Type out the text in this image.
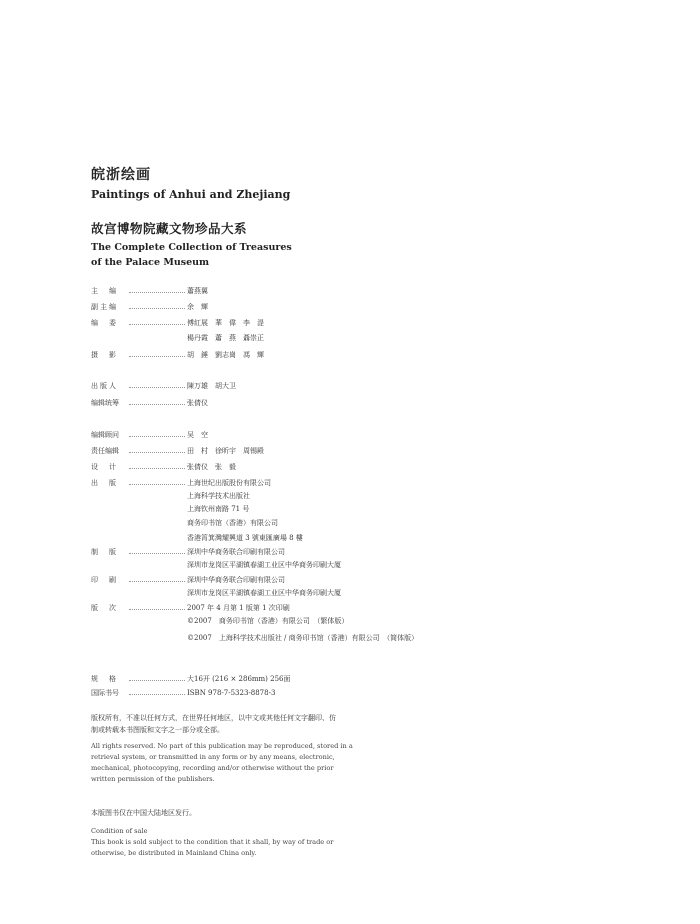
皖浙绘画
Paintings of Anhui and Zhejiang
故宫博物院藏文物珍品大系
The Complete Collection of Treasures
of the Palace Museum
主　编	蕭燕翼
副主编	余　輝
编　委	傅紅展　華　偉　李　湜
楊丹霞　蕭　燕　聶崇正
摄　影	胡　錘　劉志崗　馮　輝
出版人	陳万雄　胡大卫
编辑统筹	张倩仪
编辑顾问	吴　空
责任编辑	田　村　徐昕宇　周锡殿
设　计	张倩仪　张　毅
出　版	上海世纪出版股份有限公司
上海科学技术出版社
上海钦州南路 71 号
商务印书馆（香港）有限公司
香港筲箕灣耀興道 3 號東匯廣場 8 樓
制　版	深圳中华商务联合印刷有限公司
深圳市龙岗区平湖镇春湖工业区中华商务印刷大厦
印　刷	深圳中华商务联合印刷有限公司
深圳市龙岗区平湖镇春湖工业区中华商务印刷大厦
版　次	2007 年 4 月第 1 版第 1 次印刷
©2007　商务印书馆（香港）有限公司　（繁体版）
©2007　上海科学技术出版社 / 商务印书馆（香港）有限公司　（简体版）
规　格	大16开 (216 × 286mm) 256面
国际书号	ISBN 978-7-5323-8878-3
版权所有，不准以任何方式，在世界任何地区，以中文或其他任何文字翻印、仿
制或转载本书图版和文字之一部分或全部。
All rights reserved. No part of this publication may be reproduced, stored in a
retrieval system, or transmitted in any form or by any means, electronic,
mechanical, photocopying, recording and/or otherwise without the prior
written permission of the publishers.
本版图书仅在中国大陆地区发行。
Condition of sale
This book is sold subject to the condition that it shall, by way of trade or
otherwise, be distributed in Mainland China only.
